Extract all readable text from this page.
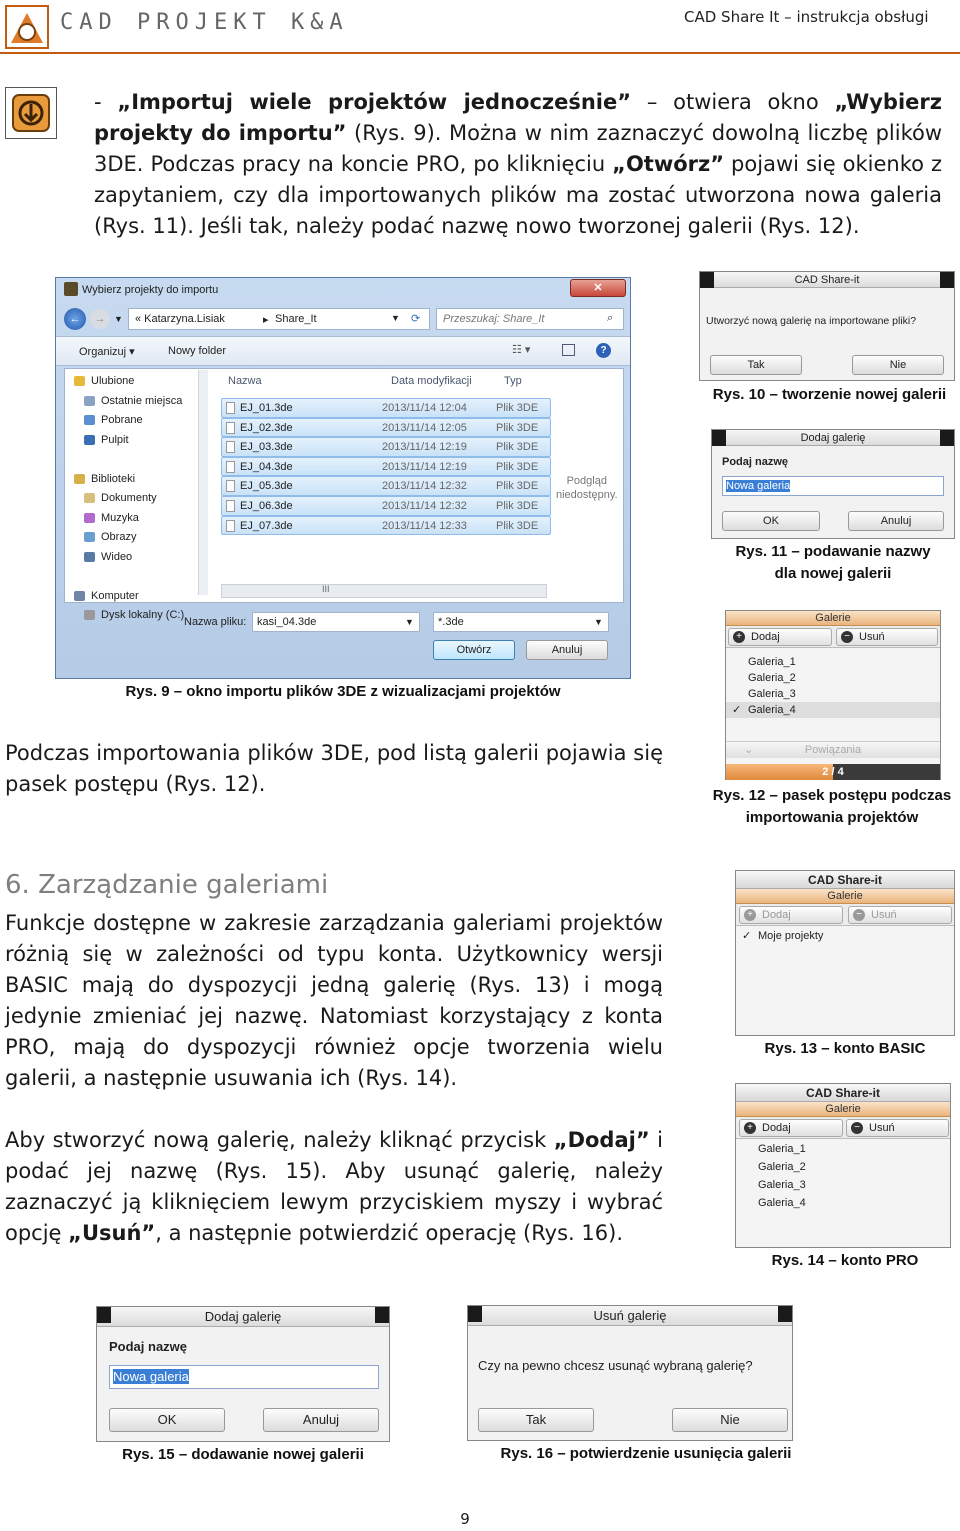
CAD PROJEKT K&A	CAD Share It – instrukcja obsługi
- „Importuj wiele projektów jednocześnie” – otwiera okno „Wybierz projekty do importu” (Rys. 9). Można w nim zaznaczyć dowolną liczbę plików 3DE. Podczas pracy na koncie PRO, po kliknięciu „Otwórz” pojawi się okienko z zapytaniem, czy dla importowanych plików ma zostać utworzona nowa galeria (Rys. 11). Jeśli tak, należy podać nazwę nowo tworzonej galerii (Rys. 12).
Wybierz projekty do importu	✕
←	→ ▼ « Katarzyna.Lisiak	▸ Share_It	▼ ⟳ Przeszukaj: Share_It	⌕
Organizuj ▾	Nowy folder	☷ ▾	?
Ulubione
Ostatnie miejsca
Pobrane
Pulpit
Biblioteki
Dokumenty
Muzyka
Obrazy
Wideo
Komputer
Dysk lokalny (C:)
Nazwa	Data modyfikacji	Typ
EJ_01.3de	2013/11/14 12:04	Plik 3DE
EJ_02.3de	2013/11/14 12:05	Plik 3DE
EJ_03.3de	2013/11/14 12:19	Plik 3DE
EJ_04.3de	2013/11/14 12:19	Plik 3DE
EJ_05.3de	2013/11/14 12:32	Plik 3DE
EJ_06.3de	2013/11/14 12:32	Plik 3DE
EJ_07.3de	2013/11/14 12:33	Plik 3DE
Podgląd
niedostępny.
III
Nazwa pliku: kasi_04.3de	▼ *.3de	▼
Otwórz	Anuluj
Rys. 9 – okno importu plików 3DE z wizualizacjami projektów
CAD Share-it
Utworzyć nową galerię na importowane pliki?
Tak	Nie
Rys. 10 – tworzenie nowej galerii
Dodaj galerię
Podaj nazwę
Nowa galeria
OK	Anuluj
Rys. 11 – podawanie nazwy
dla nowej galerii
Galerie
+ Dodaj	− Usuń
Galeria_1
Galeria_2
Galeria_3
✓ Galeria_4
⌄	Powiązania
2 / 4
Rys. 12 – pasek postępu podczas
importowania projektów
Podczas importowania plików 3DE, pod listą galerii pojawia się pasek postępu (Rys. 12).
6. Zarządzanie galeriami
Funkcje dostępne w zakresie zarządzania galeriami projektów różnią się w zależności od typu konta. Użytkownicy wersji BASIC mają do dyspozycji jedną galerię (Rys. 13) i mogą jedynie zmieniać jej nazwę. Natomiast korzystający z konta PRO, mają do dyspozycji również opcje tworzenia wielu galerii, a następnie usuwania ich (Rys. 14).
Aby stworzyć nową galerię, należy kliknąć przycisk „Dodaj” i podać jej nazwę (Rys. 15). Aby usunąć galerię, należy zaznaczyć ją kliknięciem lewym przyciskiem myszy i wybrać opcję „Usuń”, a następnie potwierdzić operację (Rys. 16).
CAD Share-it
Galerie
+ Dodaj	− Usuń
✓ Moje projekty
Rys. 13 – konto BASIC
CAD Share-it
Galerie
+ Dodaj	− Usuń
Galeria_1
Galeria_2
Galeria_3
Galeria_4
Rys. 14 – konto PRO
Dodaj galerię
Podaj nazwę
Nowa galeria
OK	Anuluj
Rys. 15 – dodawanie nowej galerii
Usuń galerię
Czy na pewno chcesz usunąć wybraną galerię?
Tak	Nie
Rys. 16 – potwierdzenie usunięcia galerii
9
